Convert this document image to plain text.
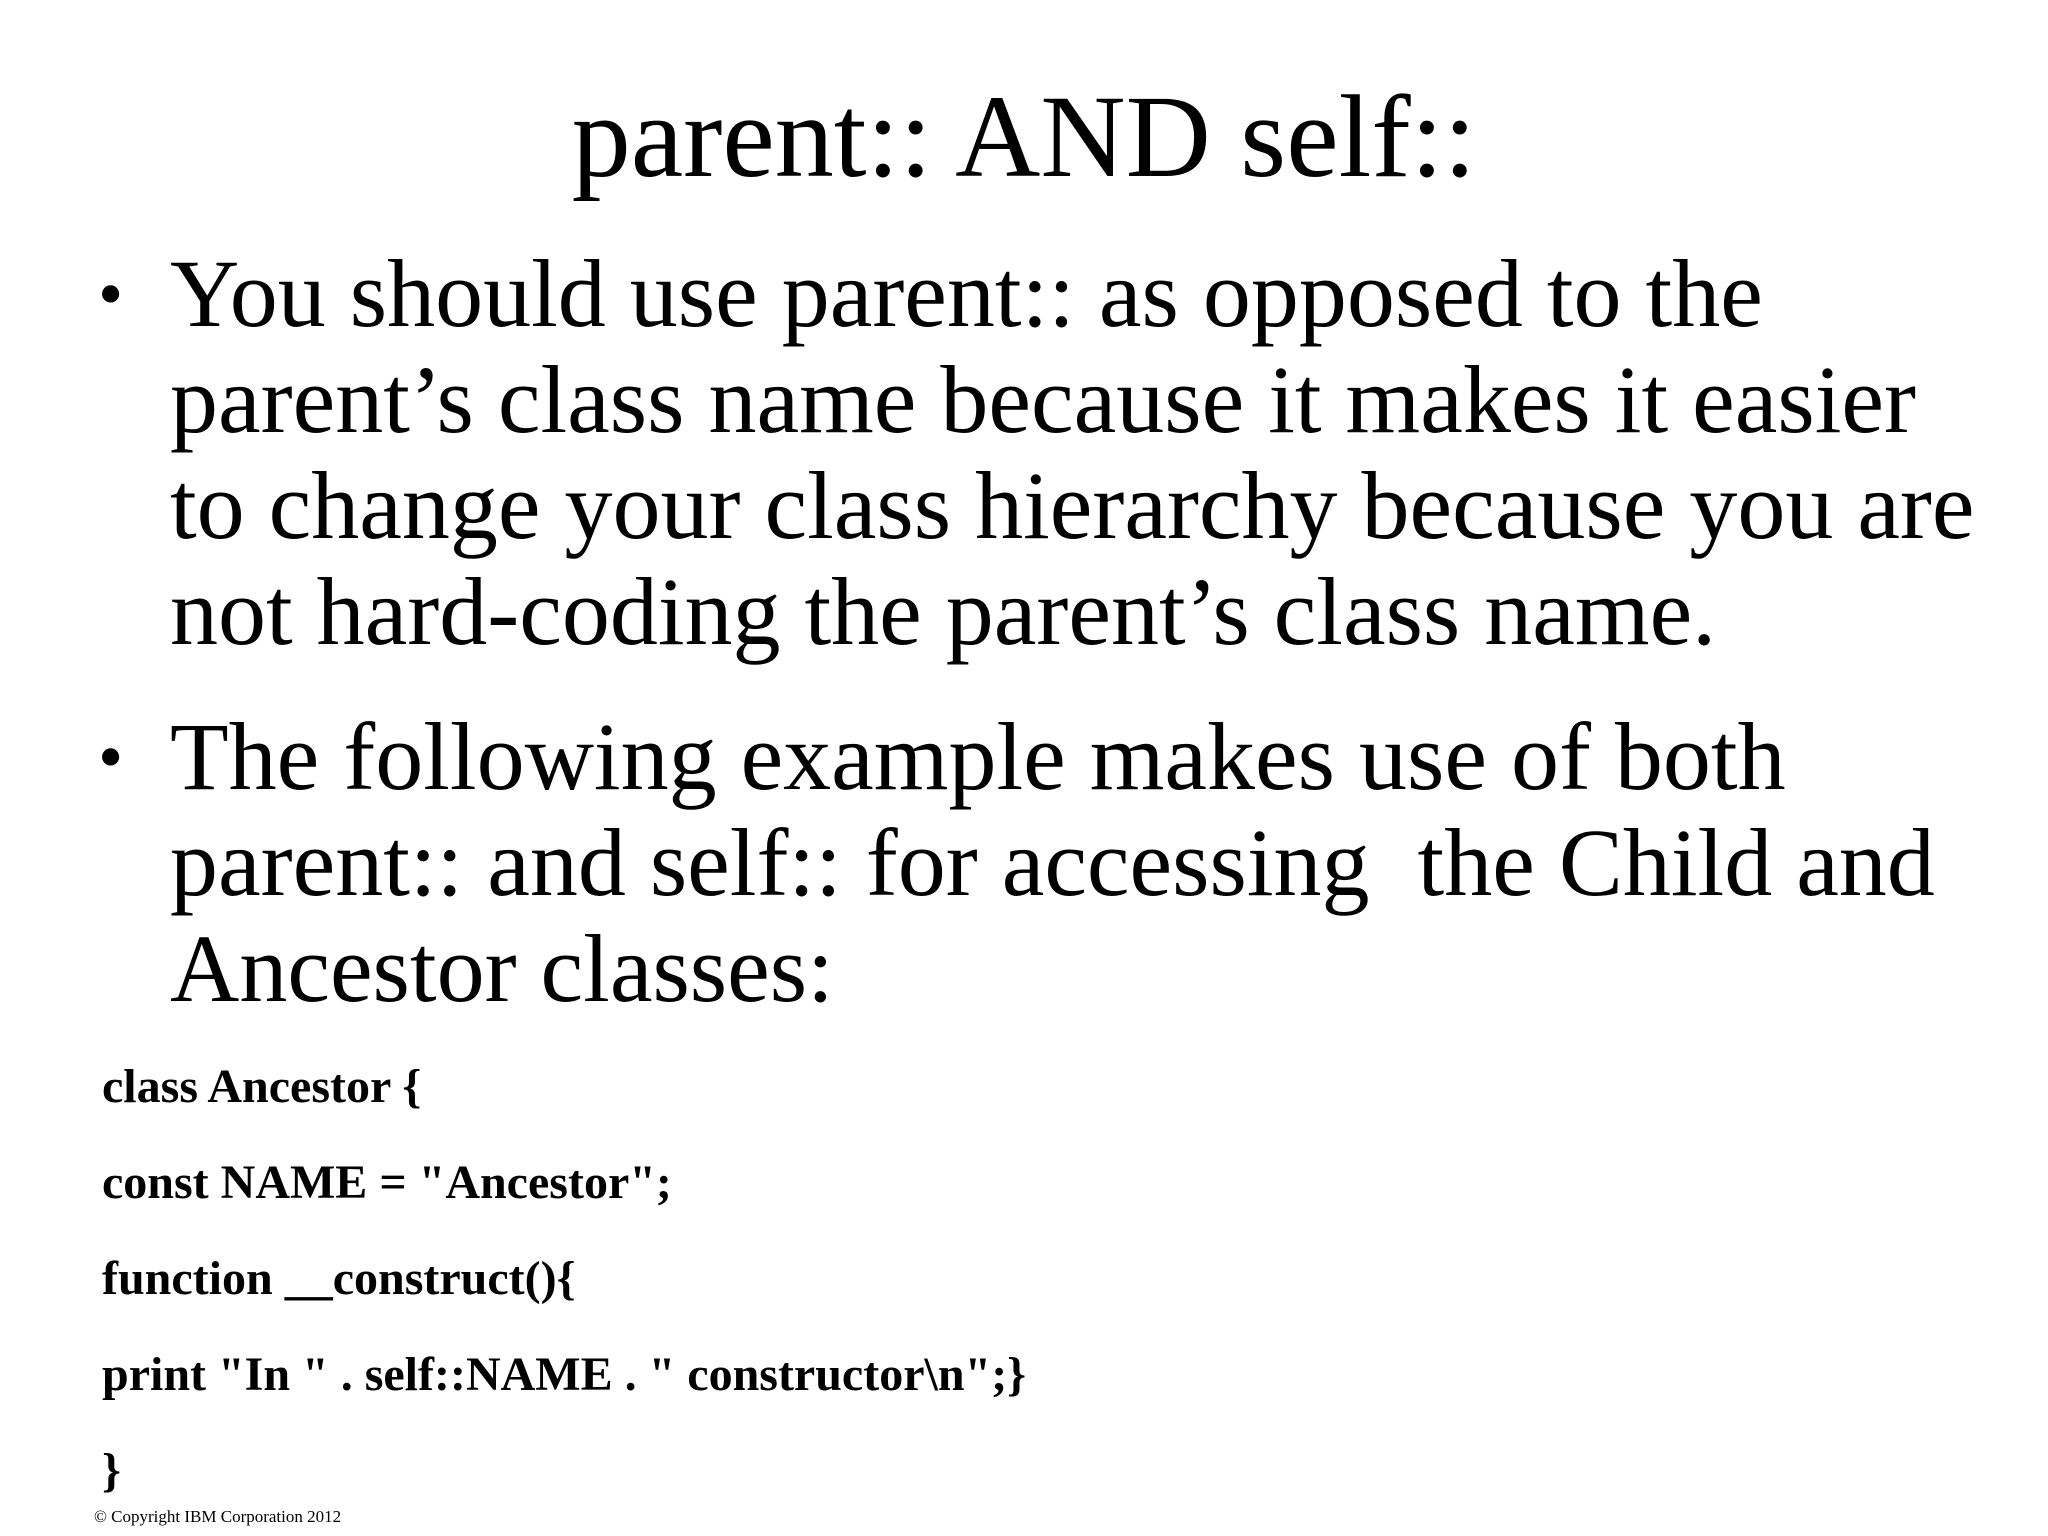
parent:: AND self::
• You should use parent:: as opposed to the
parent’s class name because it makes it easier
to change your class hierarchy because you are
not hard-coding the parent’s class name.
• The following example makes use of both
parent:: and self:: for accessing  the Child and
Ancestor classes:
class Ancestor {
const NAME = "Ancestor";
function __construct(){
print "In " . self::NAME . " constructor\n";}
}
© Copyright IBM Corporation 2012
